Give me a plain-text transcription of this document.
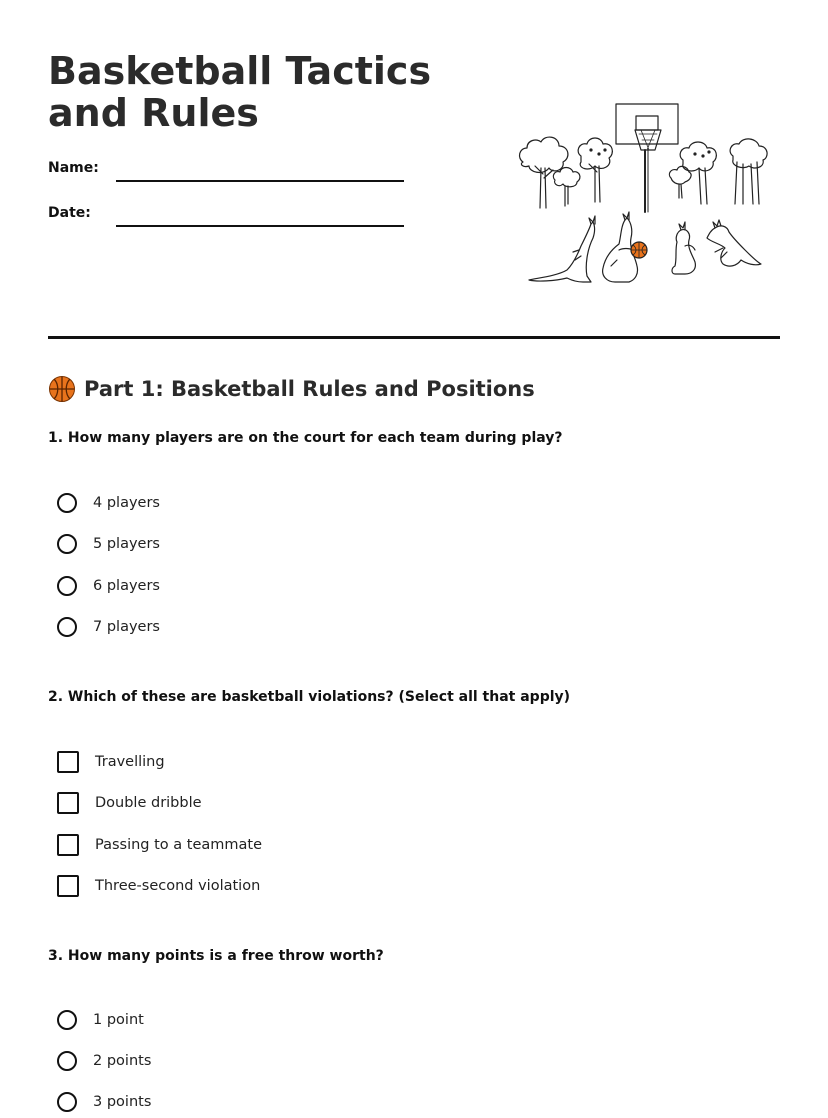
Basketball Tactics and Rules
Name:
Date:
Part 1: Basketball Rules and Positions
1. How many players are on the court for each team during play?
4 players
5 players
6 players
7 players
2. Which of these are basketball violations? (Select all that apply)
Travelling
Double dribble
Passing to a teammate
Three-second violation
3. How many points is a free throw worth?
1 point
2 points
3 points
